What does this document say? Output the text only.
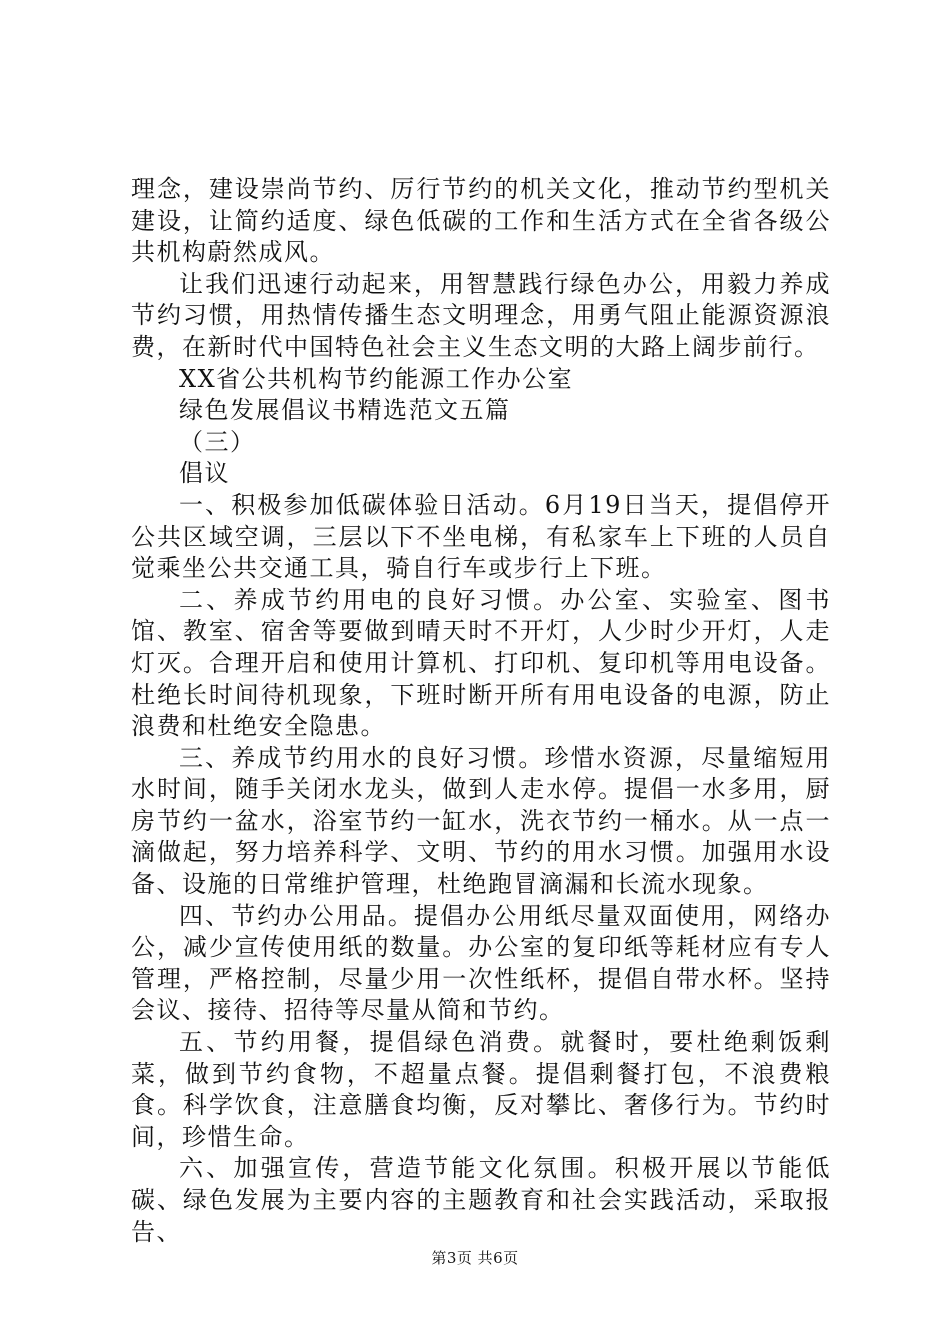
理念，建设崇尚节约、厉行节约的机关文化，推动节约型机关建设，让简约适度、绿色低碳的工作和生活方式在全省各级公共机构蔚然成风。

让我们迅速行动起来，用智慧践行绿色办公，用毅力养成节约习惯，用热情传播生态文明理念，用勇气阻止能源资源浪费，在新时代中国特色社会主义生态文明的大路上阔步前行。

XX省公共机构节约能源工作办公室

绿色发展倡议书精选范文五篇

（三）

倡议

一、积极参加低碳体验日活动。6月19日当天，提倡停开公共区域空调，三层以下不坐电梯，有私家车上下班的人员自觉乘坐公共交通工具，骑自行车或步行上下班。

二、养成节约用电的良好习惯。办公室、实验室、图书馆、教室、宿舍等要做到晴天时不开灯，人少时少开灯，人走灯灭。合理开启和使用计算机、打印机、复印机等用电设备。杜绝长时间待机现象，下班时断开所有用电设备的电源，防止浪费和杜绝安全隐患。

三、养成节约用水的良好习惯。珍惜水资源，尽量缩短用水时间，随手关闭水龙头，做到人走水停。提倡一水多用，厨房节约一盆水，浴室节约一缸水，洗衣节约一桶水。从一点一滴做起，努力培养科学、文明、节约的用水习惯。加强用水设备、设施的日常维护管理，杜绝跑冒滴漏和长流水现象。

四、节约办公用品。提倡办公用纸尽量双面使用，网络办公，减少宣传使用纸的数量。办公室的复印纸等耗材应有专人管理，严格控制，尽量少用一次性纸杯，提倡自带水杯。坚持会议、接待、招待等尽量从简和节约。

五、节约用餐，提倡绿色消费。就餐时，要杜绝剩饭剩菜，做到节约食物，不超量点餐。提倡剩餐打包，不浪费粮食。科学饮食，注意膳食均衡，反对攀比、奢侈行为。节约时间，珍惜生命。

六、加强宣传，营造节能文化氛围。积极开展以节能低碳、绿色发展为主要内容的主题教育和社会实践活动，采取报告、

第3页 共6页
